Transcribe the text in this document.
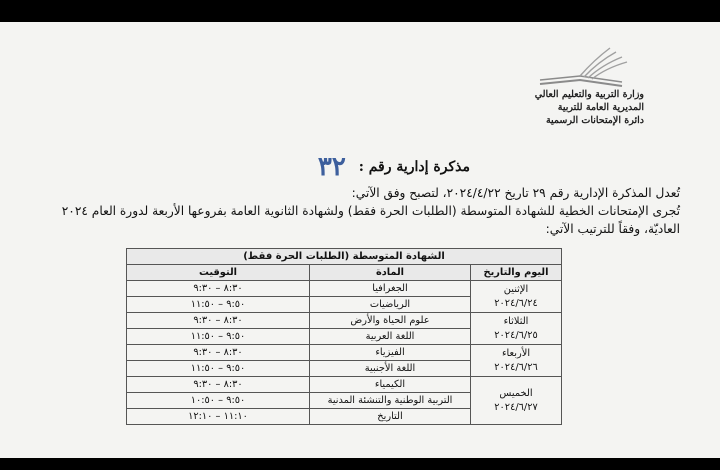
وزارة التربية والتعليم العالي
المديرية العامة للتربية
دائرة الإمتحانات الرسمية
مذكرة إدارية رقم : ٣٢
تُعدل المذكرة الإدارية رقم ٢٩ تاريخ ٢٠٢٤/٤/٢٢، لتصبح وفق الآتي:
تُجرى الإمتحانات الخطية للشهادة المتوسطة (الطلبات الحرة فقط) ولشهادة الثانوية العامة بفروعها الأربعة لدورة العام ٢٠٢٤
العاديّة، وفقاً للترتيب الآتي:
الشهادة المتوسطة (الطلبات الحرة فقط)		
اليوم والتاريخ	المادة	التوقيت

الإثنين
٢٠٢٤/٦/٢٤	الجغرافيا	٨:٣٠ – ٩:٣٠
	الرياضيات	٩:٥٠ – ١١:٥٠

الثلاثاء
٢٠٢٤/٦/٢٥	علوم الحياة والأرض	٨:٣٠ – ٩:٣٠
	اللغة العربية	٩:٥٠ – ١١:٥٠

الأربعاء
٢٠٢٤/٦/٢٦	الفيزياء	٨:٣٠ – ٩:٣٠
	اللغة الأجنبية	٩:٥٠ – ١١:٥٠

الخميس
٢٠٢٤/٦/٢٧	الكيمياء	٨:٣٠ – ٩:٣٠
	التربية الوطنية والتنشئة المدنية	٩:٥٠ – ١٠:٥٠
	التاريخ	١١:١٠ – ١٢:١٠
